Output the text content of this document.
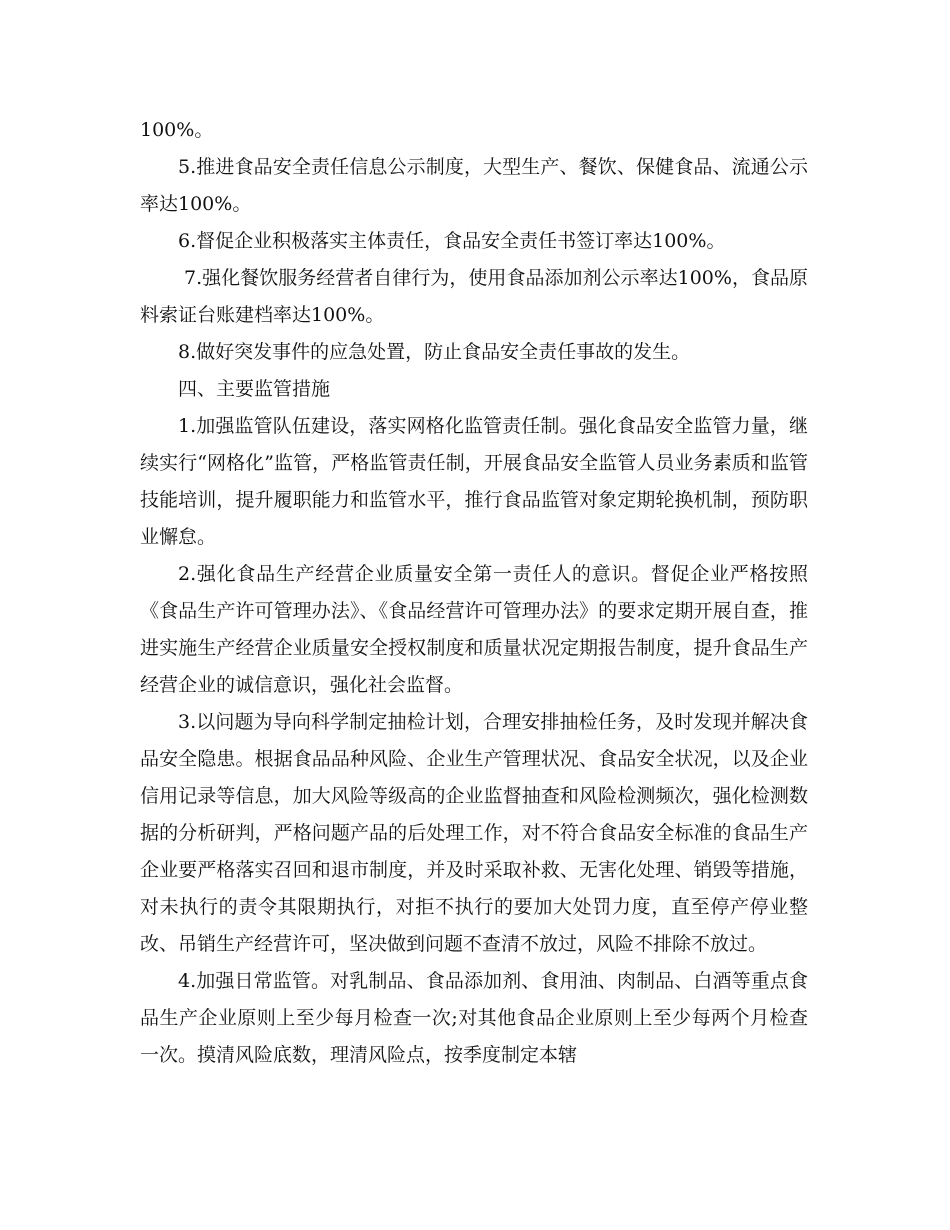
100%。

5.推进食品安全责任信息公示制度，大型生产、餐饮、保健食品、流通公示率达100%。

6.督促企业积极落实主体责任，食品安全责任书签订率达100%。

7.强化餐饮服务经营者自律行为，使用食品添加剂公示率达100%，食品原料索证台账建档率达100%。

8.做好突发事件的应急处置，防止食品安全责任事故的发生。

四、主要监管措施

1.加强监管队伍建设，落实网格化监管责任制。强化食品安全监管力量，继续实行“网格化”监管，严格监管责任制，开展食品安全监管人员业务素质和监管技能培训，提升履职能力和监管水平，推行食品监管对象定期轮换机制，预防职业懈怠。

2.强化食品生产经营企业质量安全第一责任人的意识。督促企业严格按照《食品生产许可管理办法》、《食品经营许可管理办法》的要求定期开展自查，推进实施生产经营企业质量安全授权制度和质量状况定期报告制度，提升食品生产经营企业的诚信意识，强化社会监督。

3.以问题为导向科学制定抽检计划，合理安排抽检任务，及时发现并解决食品安全隐患。根据食品品种风险、企业生产管理状况、食品安全状况，以及企业信用记录等信息，加大风险等级高的企业监督抽查和风险检测频次，强化检测数据的分析研判，严格问题产品的后处理工作，对不符合食品安全标准的食品生产企业要严格落实召回和退市制度，并及时采取补救、无害化处理、销毁等措施，对未执行的责令其限期执行，对拒不执行的要加大处罚力度，直至停产停业整改、吊销生产经营许可，坚决做到问题不查清不放过，风险不排除不放过。

4.加强日常监管。对乳制品、食品添加剂、食用油、肉制品、白酒等重点食品生产企业原则上至少每月检查一次;对其他食品企业原则上至少每两个月检查一次。摸清风险底数，理清风险点，按季度制定本辖
